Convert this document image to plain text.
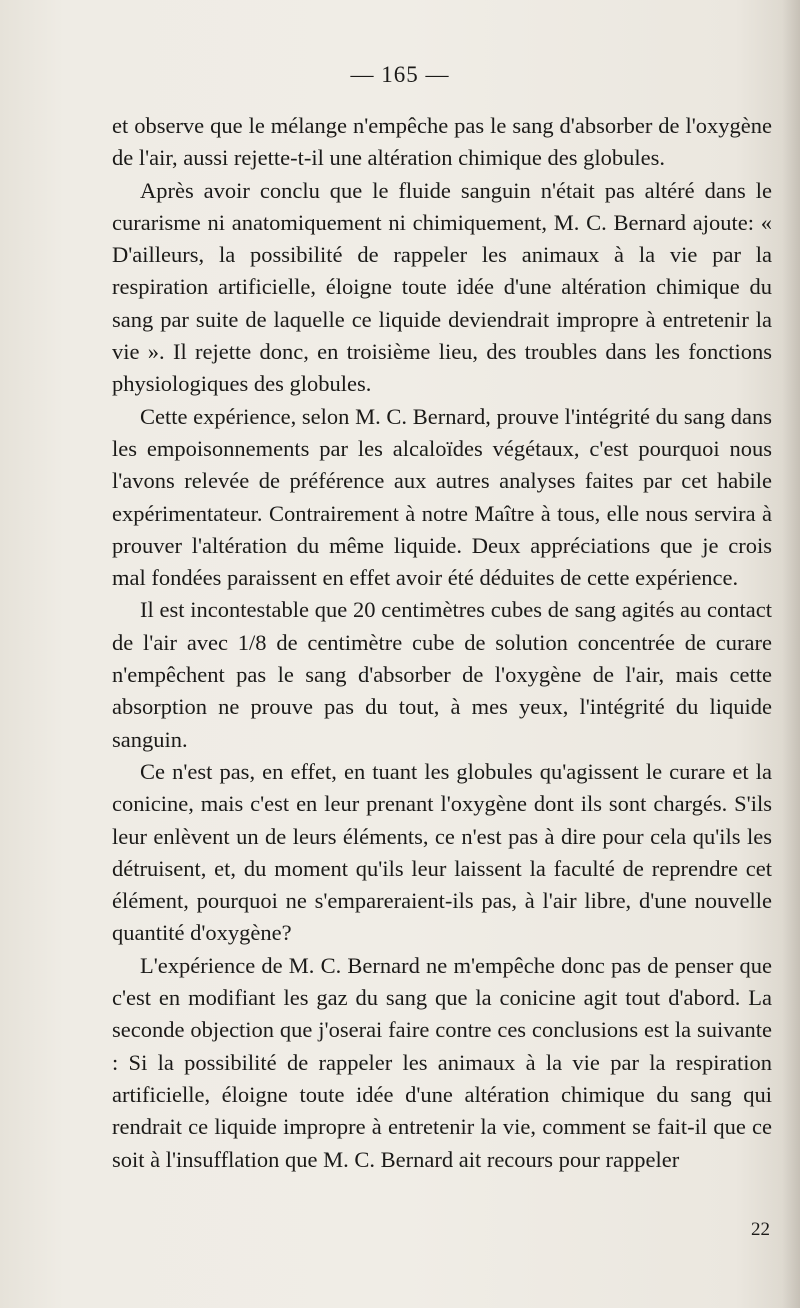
— 165 —

et observe que le mélange n'empêche pas le sang d'absorber de l'oxygène de l'air, aussi rejette-t-il une altération chimique des globules.

Après avoir conclu que le fluide sanguin n'était pas altéré dans le curarisme ni anatomiquement ni chimiquement, M. C. Bernard ajoute: « D'ailleurs, la possibilité de rappeler les animaux à la vie par la respiration artificielle, éloigne toute idée d'une altération chimique du sang par suite de laquelle ce liquide deviendrait impropre à entretenir la vie ». Il rejette donc, en troisième lieu, des troubles dans les fonctions physiologiques des globules.

Cette expérience, selon M. C. Bernard, prouve l'intégrité du sang dans les empoisonnements par les alcaloïdes végétaux, c'est pourquoi nous l'avons relevée de préférence aux autres analyses faites par cet habile expérimentateur. Contrairement à notre Maître à tous, elle nous servira à prouver l'altération du même liquide. Deux appréciations que je crois mal fondées paraissent en effet avoir été déduites de cette expérience.

Il est incontestable que 20 centimètres cubes de sang agités au contact de l'air avec 1/8 de centimètre cube de solution concentrée de curare n'empêchent pas le sang d'absorber de l'oxygène de l'air, mais cette absorption ne prouve pas du tout, à mes yeux, l'intégrité du liquide sanguin.

Ce n'est pas, en effet, en tuant les globules qu'agissent le curare et la conicine, mais c'est en leur prenant l'oxygène dont ils sont chargés. S'ils leur enlèvent un de leurs éléments, ce n'est pas à dire pour cela qu'ils les détruisent, et, du moment qu'ils leur laissent la faculté de reprendre cet élément, pourquoi ne s'empareraient-ils pas, à l'air libre, d'une nouvelle quantité d'oxygène?

L'expérience de M. C. Bernard ne m'empêche donc pas de penser que c'est en modifiant les gaz du sang que la conicine agit tout d'abord. La seconde objection que j'oserai faire contre ces conclusions est la suivante : Si la possibilité de rappeler les animaux à la vie par la respiration artificielle, éloigne toute idée d'une altération chimique du sang qui rendrait ce liquide impropre à entretenir la vie, comment se fait-il que ce soit à l'insufflation que M. C. Bernard ait recours pour rappeler

22
